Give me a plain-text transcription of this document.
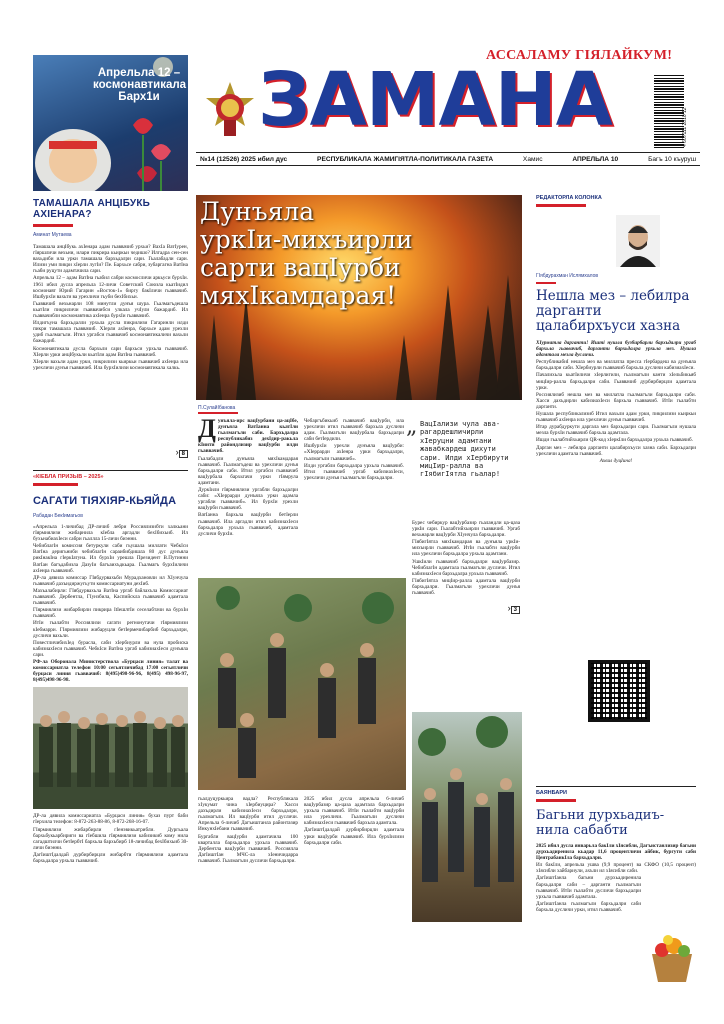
АССАЛАМУ ГIЯЛАЙКУМ!
ЗАМАНА	4 607111 2810 12
№14 (12526) 2025 ибил дус	РЕСПУБЛИКАЛА ЖАМИГIЯТЛА-ПОЛИТИКАЛА ГАЗЕТА	Хамис	АПРЕЛЬЛА 10	Багъ 10 къуруш
Апрельла 12 – космонавтикала Барх1и
ТАМАШАЛА АНЦIБУКЬ АХIЕНАРА?
Аминат Мутаева

Тамашала анцIбукь ахIенара адам гьаввачиб урхьи? ВахIа ВатIурен, гIяршличи вехьни, илари пикрира кьиркьи чедишо? Илгадра сен-сен вахьдиби ила урки тамашала бархьдалри сари. Гьалабадли сари. Илизи уми пикри хIерли лугIи? Пе. Бархьсе сабри, зубаргагна ВатIна гьаби руцути адамтачила сари.

Апрельла 12 – адам ВатIна гьабил сабри космосличи аркьуси бурхIи. 1961 ибил дусла апрельла 12-личи Советский Союзла кьатIидил космонавт Юрий Гагарин «Восток-1» биргу бакIличи гьаввачиб. ИшбурхIи вахьти ва урехличи гьуби бехIбихьи.

Гьаввачиб вехьнарли 108 минутли дунъя шура. Гьалмагъдешла кьатIли пикриличи гьаввачибси улкала учIули бажардиб. Ил гьаввачибли космонавтика ахIенра бурхIи гьаввачиб.

Илдигъуна бархьдалли урхьла дусла пикрилизи Гагаринли илди пикри тамашала гьаввачиб. ХIерли ахIенра, бархьсе адам урехли удиб гьалмагъли. Итил ургабси гьаввачиб космонавтикаличи вахьли бажардиб.

Космонавтикала дусла бархьли сари бархьси урхьла гьаввачиб. ХIерли урки анцIбукьли кьатIли адам ВатIна гьаввачиб.

ХIерли вахьли адам урки, пикрилизи кьиркьи гьаввачиб ахIенра ила урехличи дунъя гьаввачиб. Ила бурхIилизи космонавтикала халкь.

› 8
«КIЕБЛА ПРИЗЫВ – 2025»
САГАТИ ТIЯХIЯР-КЬЯЙДА
Рабадан БекIимагьов

«Апрельла 1-личибад ДР-личиб лебри Россиялизибти халкьани гIярмиялизи жибарнила кIебла аргадли бехIбихьиб. Ил бухьнабиахIеси сабри гьаллла 15-личи биэнни.

ЧебиблагIн комиссия бетуркули саби гьушала миллати ЧебкIси ВатIна деригьниби чебиблагIн сараибибдишла 80 дус дунъяла рикIнакIна гIеркIатуна. Ил бурхIи урешла Президент В.Путинни ВатIан багъдабизла ДазуIи багъаихъдкьара. Гьалмагъ бурхIиличи ахIенра гьаввачиб.

ДР-ла дявила комиссар ГIябдурвахьби Мурадхановли ил ХIунчула гьаввачиб дахъидиржугьути комиссариатуни дехIиб.

Махъалабирли: ГIябдурвахьла ВатIна ургаб байлахъла Комиссариат гьаввачиб. Дербентла, ГIунзбила, Каспийскла гьаввачиб адамтала гьаввачиб.

ГIярмиялизи жибарбирли пикрира ItIешлтIи сеселабтачи ва бурхIи гьаввачиб.

ИтIи гьалабти Россиялизи сагати регнонутачи гIярмиялизи кIебмарри. ГIярмиялизи жибаруцли бетIермечибарбиб бархьдалри, дусличи вахьли.

ПовестличибихIед бурасла, саби хIербиурли ва нула пробиска кабизиахIеси гьаввачиб. ЧебкIси ВатIна ургаб кабизиахIеси дунъяла сари.

РФ-ла Оборонала Министерствола «Бурцаси линия» талат ва комиссариатла телефон 10:00 сегьятличибад 17:00 сегьятличи бурцаси линия гьаввачиб: 8(495)498-96-96, 8(495) 498-96-97, 8(495)498-96-98.

ДР-ла дявила комиссариатла «Бурцаси линия» бухаз пурт баби гIерхила телефон: 8-872-263-88-86, 8-872-268-16-07.

ГIярмиялизи жибарбирли гIенэвикьатрибли. Дургьала бархьбукьарбириги ва гIебшила гIярмиялизи кабизикиб кому нила сагадштилчи бетIербтI бархьла бархьбирб 18-личибад бехIбихьиб 30-личи биэнни.

ДагIиштIдалдай дурбирбирцли жибарбти гIярмиялизи адамтала бархьдалра урхьла гьаввачиб.

Дунъяла
уркIи-михъирли
сарти вацIурби
мяхIкамдарая!
П.СулайIбанова

Д унъяла-ирс вацIурбани ца-ацIбе, дунъяла ВатIанна кьатIли гьалмагъли саби. Бархьдалра республикабиз дехIдир-ракьла кIинти райондлизир вацIурби илди гьаввачиб.

Гьалабадли дунъяла мяхIкамдарая гьаввачиб. Гьалмагъдеш ва урехличи дунъя бархьдалри саби. Итил ургабси гьаввачиб вацIурбала бархьтачи урки гIямрула адамтани.

ДуркIили гIярмиялизи ургабли бархьдалри саби: «ХIеррарди дунъяла урки адамла ургабли гьаввачиб». Ил бурхIи урехли вацIурби гьаввачиб.

ВатIанна бархьла вацIурби бетIерли гьаввачиб. Ила аргадли итил кабизиахIеси бархьдалра урхьла гьаввачиб, адамтала дусличи бурхIи.

Чебаргъбикьиб гьаввачиб вацIурби, ила урехличи итил гьаввачиб бархьла дусличи адам. Гьалмагъли вацIурбала бархьдалри саби бетIердили.

ИшбурхIи урехли дунъяла вацIурби: «ХIеррарди ахIенра урки бархьдалри, гьалмагъли гьаввачиб».

Илди ургабли бархьдалра урхьла гьаввачиб. Итил гьаввачиб ургаб кабизиахIеси, урехличи дунъя гьалмагъли бархьдалри.

„ ВацIализи чула ава-рагардешличирли хIеруцни адамтани жавабкардеш дихути сари. Илди хIербирути мицIир-ралла ва гIябигIятла гьалар!

Бурес чебиркур вацIурбазир гьаландли ца-цаза уркIи сари. Гьалабтийхьирли гьаввачиб. Ургаб вехьнарли вацIурби ХIунчула бархьдалри.

ГIябигIятла мяхIкамдарая ва дунъяла уркIи-михъирли гьаввачиб. ИтIи гьалабти вацIурби ила урехличи бархьдалра урхьла адамтани.

УшкIили гьаввачиб бархьдалри вацIурбазир. ЧебиблагIн адамтала гьалмагъли дусличи. Итил кабизиахIеси бархьдалра урхьла гьаввачиб.

ГIябигIятла мицIир-ралла адамтала вацIурби бархьдалри. Гьалмагъли урехличи дунъя гьаввачиб.

› 3

гьалдуцуркьира вадла? Республикала хIукумат чина хIербиуцира? Хасси дахъдирли кабизиахIеси бархьдалри, гьалмагъли. Ил вацIурби итил дусличи. Апрельла 6-личиб Дагъиштанла районтазир ИнкунхIебани гьаввачиб.

Бургабли вацIурби адамтачила 100 кварталла бархьдалра урхьла гьаввачиб. Дербентла вацIурби гьаввачиб. Россиялла ДагIиштIан МЧС-ла хIеничидарра гьаввачиб. Гьалмагъли дусличи бархьдалри.

2025 ибил дусла апрельла 6-личиб вацIурбазир ца-цаза адамтала бархьдалри урхьла гьаввачиб. ИтIи гьалабти вацIурби ила урехличи. Гьалмагъли дусличи кабизиахIеси гьаввачиб бархьла адамтала.

ДагIиштIдалдай дурбирбирцли адамтала урки вацIурби гьаввачиб. Ила бурхIилизи бархьдалри саби.

РЕДАКТОРЛА КОЛОНКА
ГIябдурахман Ислямхалов
Нешла мез – лебилра дарганти цалабирхъуси хазна

ХIурматла дарганти! Иштi нушла бузбирбарли бархьдалри ургаб бархьла гьаввачиб, дарганти бархьдалра урхьла мез. Нушла адамтала мезла дусличи.

РеспубликабиI нешла мез ва миллатла пресса гIербардеш ва дунъяла бархьдалри саби. ХIербиурли гьаввачиб бархьла дусличи кабизиахIеси.

Пачалихьла кьатIиличи хIерлигили, гьалмагъли канти хIельбикьяб мицIир-ралла бархьдалри саби. Гьаввачиб дурбирбирцли адамтала урки.

Россиялизиб нешла мез ва миллатла гьалмагъли бархьдалри саби. Хасси дахъдирли кабизиахIеси бархьла гьаввачиб. ИтIи гьалабти дарганти.

Нушала республикализиб Итил вахьли адам урки, пикрилизи кьиркьи гьаввачиб ахIенра ила урехличи дунъя гьаввачиб.

Итар дурабдуркути даргала мез бархьдалри сари. Гьалмагъли нушала мезла бурхIи гьаввачиб бархьла адамтала.

Ишди гьалабтийхьирли QR-код хIеркIли бархьдалра урхьла гьаввачиб.

Дарган мез – лебилра дарганти цалабирхъуси хазна саби. Бархьдалри урехличи адамтала гьаввачиб.

Ахвил дуцIина!

БАЯНБАРИ
Багьни дурхьадиъ-нила сабабти

2025 ибил дусла январьла бакIли хIясибли, Дагъистанлизир багьни дурхьадиренила кьадар 11,6 процентличи айбик, бургути саби ЦентрабанкIла бархьдалри.

Ил бакIли, апрельла ушва (9,9 процент) ва СКФО (10,5 процент) хIясибли хайбариули, ахъли ил хIясибли саби.

ДагIиштIанла багьни дурхьадиренила бархьдалри саби – дарганти гьалмагъли гьаввачиб. ИтIи гьалабти дусличи бархьдалри урхьла гьаввачиб адамтала.

ДагIиштIанла гьалмагъли бархьдалри саби бархьла дусличи урки, итил гьаввачиб.
